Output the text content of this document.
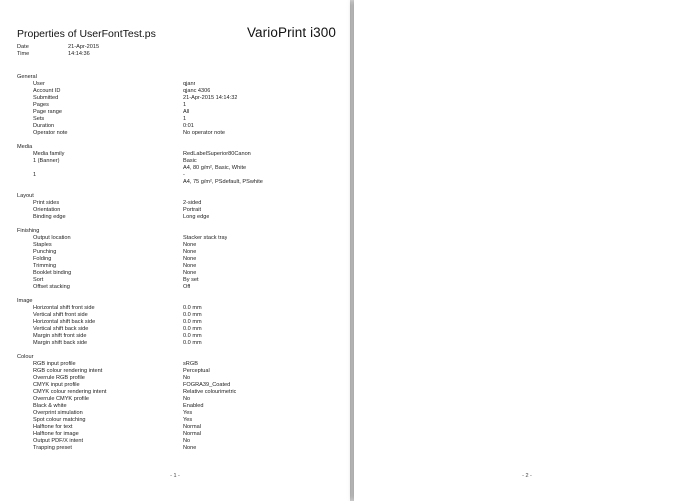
Properties of UserFontTest.ps	VarioPrint i300
Date	21-Apr-2015
Time	14:14:36
General
User	qjanr
Account ID	qjanc 4306
Submitted	21-Apr-2015 14:14:32
Pages	1
Page range	All
Sets	1
Duration	0:01
Operator note	No operator note
Media
Media family	RedLabelSuperior80Canon
1 (Banner)	Basic
A4, 80 g/m², Basic, White
1	-
A4, 75 g/m², PSdefault, PSwhite
Layout
Print sides	2-sided
Orientation	Portrait
Binding edge	Long edge
Finishing
Output location	Stacker stack tray
Staples	None
Punching	None
Folding	None
Trimming	None
Booklet binding	None
Sort	By set
Offset stacking	Off
Image
Horizontal shift front side	0.0 mm
Vertical shift front side	0.0 mm
Horizontal shift back side	0.0 mm
Vertical shift back side	0.0 mm
Margin shift front side	0.0 mm
Margin shift back side	0.0 mm
Colour
RGB input profile	sRGB
RGB colour rendering intent	Perceptual
Overrule RGB profile	No
CMYK input profile	FOGRA39_Coated
CMYK colour rendering intent	Relative colourimetric
Overrule CMYK profile	No
Black & white	Enabled
Overprint simulation	Yes
Spot colour matching	Yes
Halftone for text	Normal
Halftone for image	Normal
Output PDF/X intent	No
Trapping preset	None
- 1 -	- 2 -
